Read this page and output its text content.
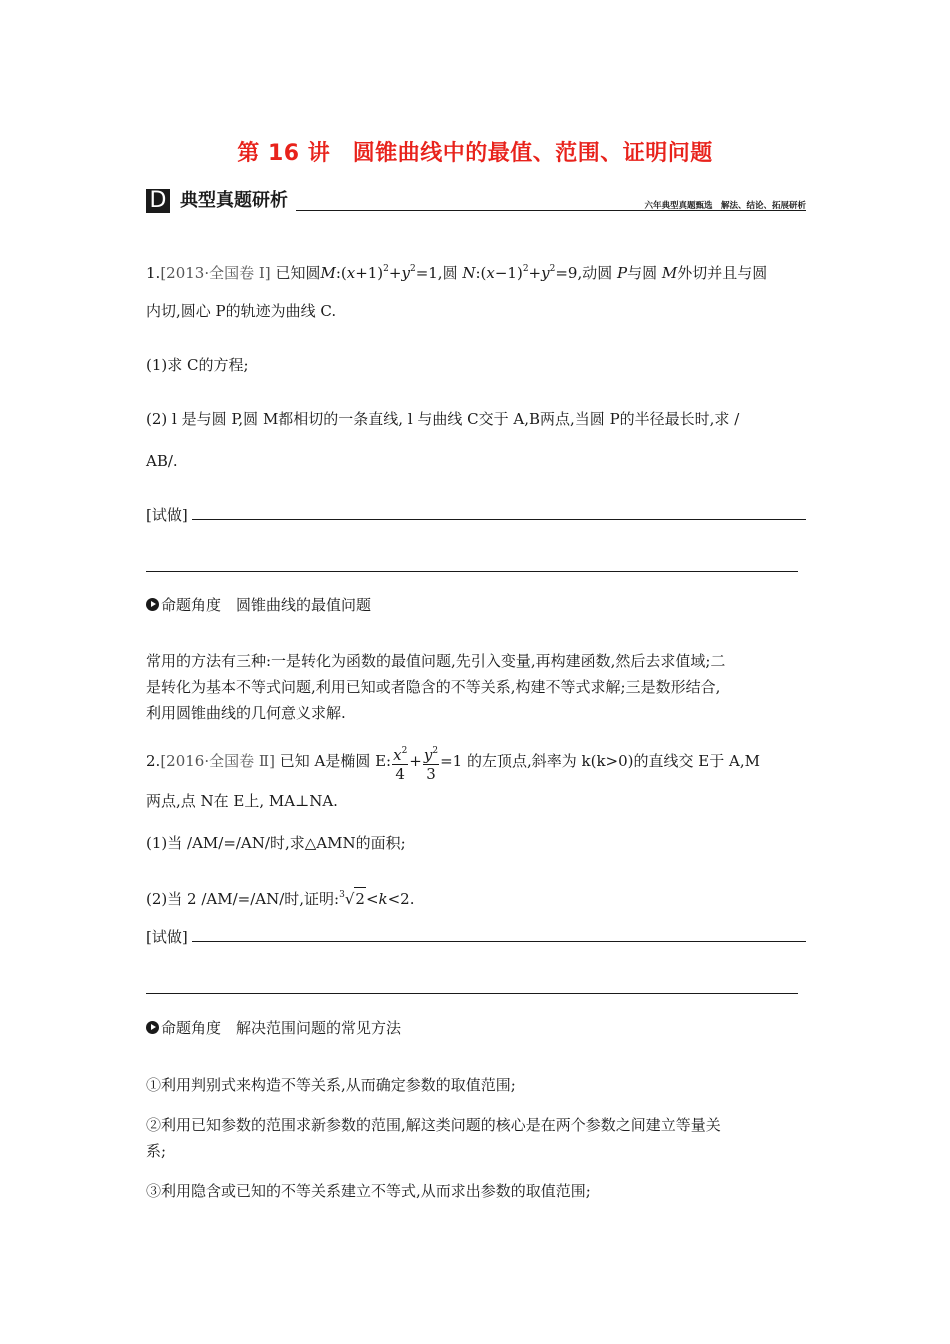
第 16 讲　圆锥曲线中的最值、范围、证明问题
D 典型真题研析	六年典型真题甄选　解法、结论、拓展研析
1.[2013·全国卷 Ⅰ] 已知圆$M:(x+1)^2+y^2=1$,圆 $N:(x-1)^2+y^2=9$,动圆 P与圆 M外切并且与圆
内切,圆心 P的轨迹为曲线 C.
(1)求 C的方程;
(2) l 是与圆 P,圆 M都相切的一条直线, l 与曲线 C交于 A,B两点,当圆 P的半径最长时,求 /
AB/.
[试做]
命题角度　圆锥曲线的最值问题
常用的方法有三种:一是转化为函数的最值问题,先引入变量,再构建函数,然后去求值域;二
是转化为基本不等式问题,利用已知或者隐含的不等关系,构建不等式求解;三是数形结合,
利用圆锥曲线的几何意义求解.
2.[2016·全国卷 Ⅱ] 已知 A是椭圆 E: $\frac{x^2}{4} + \frac{y^2}{3} =1$ 的左顶点,斜率为 k(k>0)的直线交 E于 A,M
两点,点 N在 E上, MA⊥NA.
(1)当 /AM/=/AN/时,求△AMN的面积;
(2)当 2 /AM/=/AN/时,证明:$^3$√2<k<2.
[试做]
命题角度　解决范围问题的常见方法
①利用判别式来构造不等关系,从而确定参数的取值范围;
②利用已知参数的范围求新参数的范围,解这类问题的核心是在两个参数之间建立等量关
系;
③利用隐含或已知的不等关系建立不等式,从而求出参数的取值范围;
